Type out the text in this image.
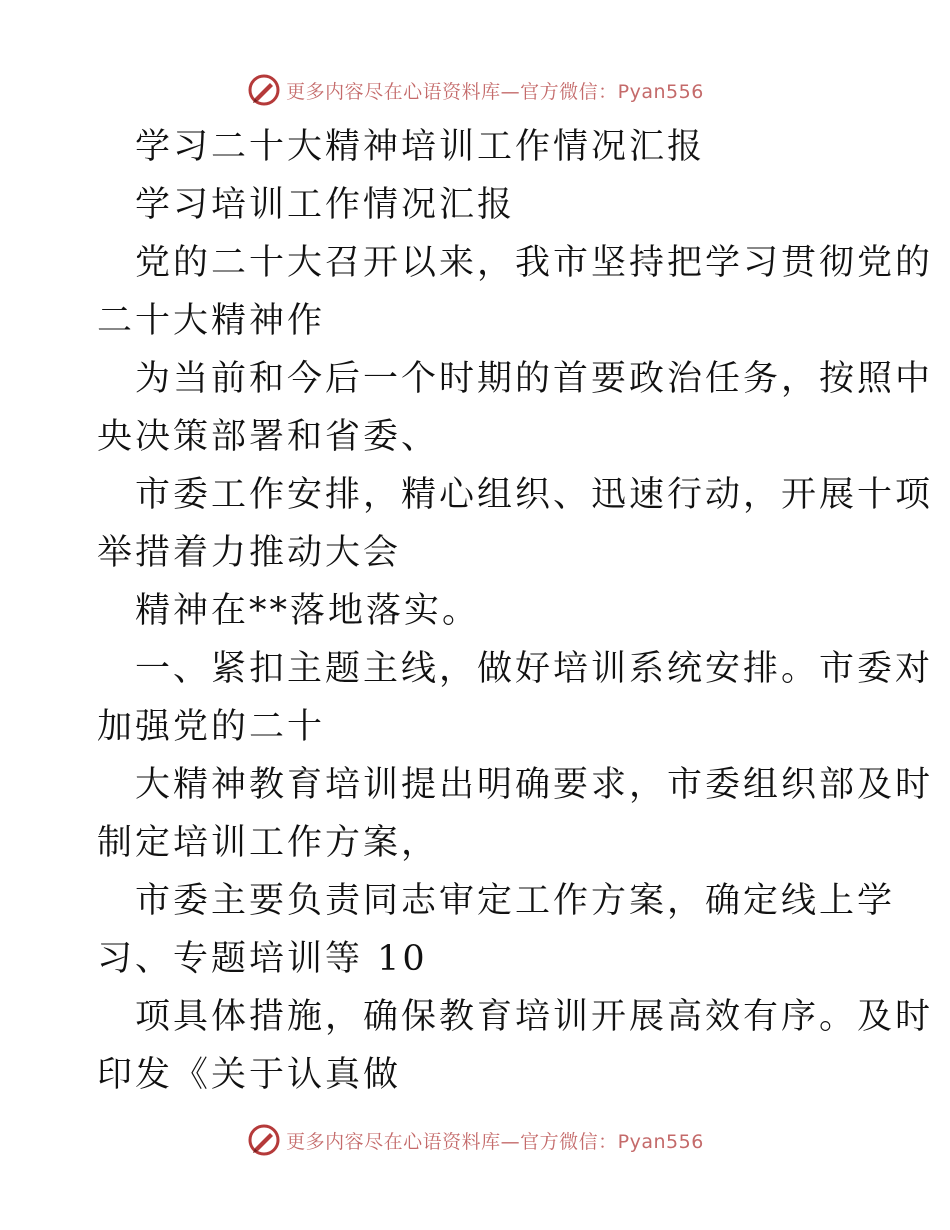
更多内容尽在心语资料库—官方微信：Pyan556
学习二十大精神培训工作情况汇报
学习培训工作情况汇报
党的二十大召开以来，我市坚持把学习贯彻党的
二十大精神作
为当前和今后一个时期的首要政治任务，按照中
央决策部署和省委、
市委工作安排，精心组织、迅速行动，开展十项
举措着力推动大会
精神在**落地落实。
一、紧扣主题主线，做好培训系统安排。市委对
加强党的二十
大精神教育培训提出明确要求，市委组织部及时
制定培训工作方案，
市委主要负责同志审定工作方案，确定线上学
习、专题培训等 10
项具体措施，确保教育培训开展高效有序。及时
印发《关于认真做
更多内容尽在心语资料库—官方微信：Pyan556
